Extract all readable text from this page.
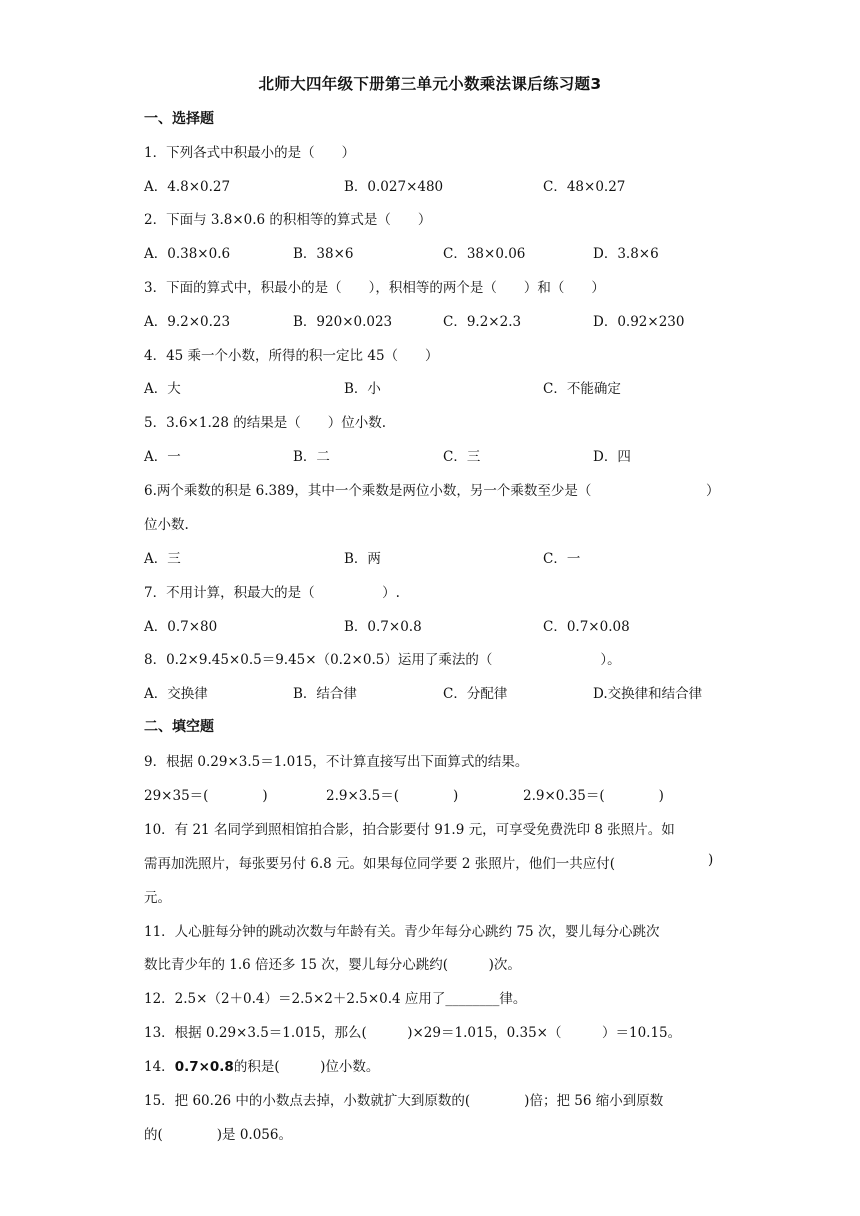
北师大四年级下册第三单元小数乘法课后练习题3
一、选择题
1．下列各式中积最小的是（　　）
A．4.8×0.27	B．0.027×480	C．48×0.27
2．下面与 3.8×0.6 的积相等的算式是（　　）
A．0.38×0.6	B．38×6	C．38×0.06	D．3.8×6
3．下面的算式中，积最小的是（　　），积相等的两个是（　　）和（　　）
A．9.2×0.23	B．920×0.023	C．9.2×2.3	D．0.92×230
4．45 乘一个小数，所得的积一定比 45（　　）
A．大	B．小	C．不能确定
5．3.6×1.28 的结果是（　　）位小数.
A．一	B．二	C．三	D．四
6.两个乘数的积是 6.389，其中一个乘数是两位小数，另一个乘数至少是（	）
位小数.
A．三	B．两	C．一
7．不用计算，积最大的是（　　　　　）.
A．0.7×80	B．0.7×0.8	C．0.7×0.08
8．0.2×9.45×0.5＝9.45×（0.2×0.5）运用了乘法的（　　　　　　　　）。
A．交换律	B．结合律	C．分配律	D.交换律和结合律
二、填空题
9．根据 0.29×3.5＝1.015，不计算直接写出下面算式的结果。
29×35＝(　　　　)	2.9×3.5＝(　　　　)	2.9×0.35＝(　　　　)
10．有 21 名同学到照相馆拍合影，拍合影要付 91.9 元，可享受免费洗印 8 张照片。如
需再加洗照片，每张要另付 6.8 元。如果每位同学要 2 张照片，他们一共应付(	)
元。
11．人心脏每分钟的跳动次数与年龄有关。青少年每分心跳约 75 次，婴儿每分心跳次
数比青少年的 1.6 倍还多 15 次，婴儿每分心跳约(　　　)次。
12．2.5×（2＋0.4）＝2.5×2＋2.5×0.4 应用了________律。
13．根据 0.29×3.5＝1.015，那么(　　　)×29＝1.015，0.35×（　　　）＝10.15。
14．0.7×0.8的积是(　　　)位小数。
15．把 60.26 中的小数点去掉，小数就扩大到原数的(　　　　)倍；把 56 缩小到原数
的(　　　　)是 0.056。
